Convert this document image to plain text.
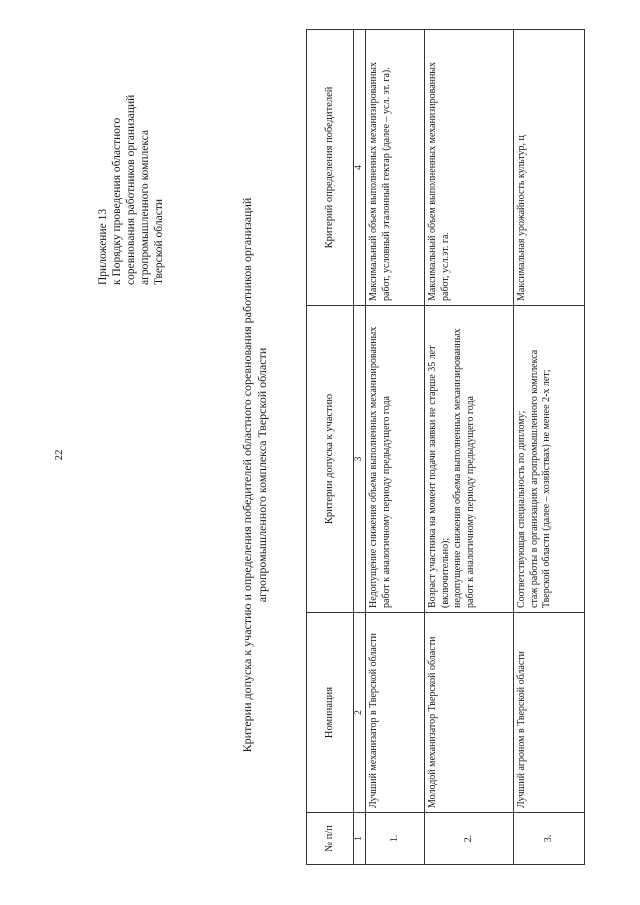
22
Приложение 13 к Порядку проведения областного соревнования работников организаций агропромышленного комплекса Тверской области	Критерии допуска к участию и определения победителей областного соревнования работников организаций агропромышленного комплекса Тверской области
№ п/п	Номинация	Критерии допуска к участию	Критерий определения победителей
1	2	3	4
1.	Лучший механизатор в Тверской области	Недопущение снижения объема выполненных механизированных работ к аналогичному периоду предыдущего года	Максимальный объем выполненных механизированных работ, условный эталонный гектар (далее – усл. эт. га).
2.	Молодой механизатор Тверской области	Возраст участника на момент подачи заявки не старше 35 лет (включительно); недопущение снижения объема выполненных механизированных работ к аналогичному периоду предыдущего года	Максимальный объем выполненных механизированных работ, усл.эт. га.
3.	Лучший агроном в Тверской области	Соответствующая специальность по диплому; стаж работы в организациях агропромышленного комплекса Тверской области (далее – хозяйствах) не менее 2-х лет;	Максимальная урожайность культур, ц
